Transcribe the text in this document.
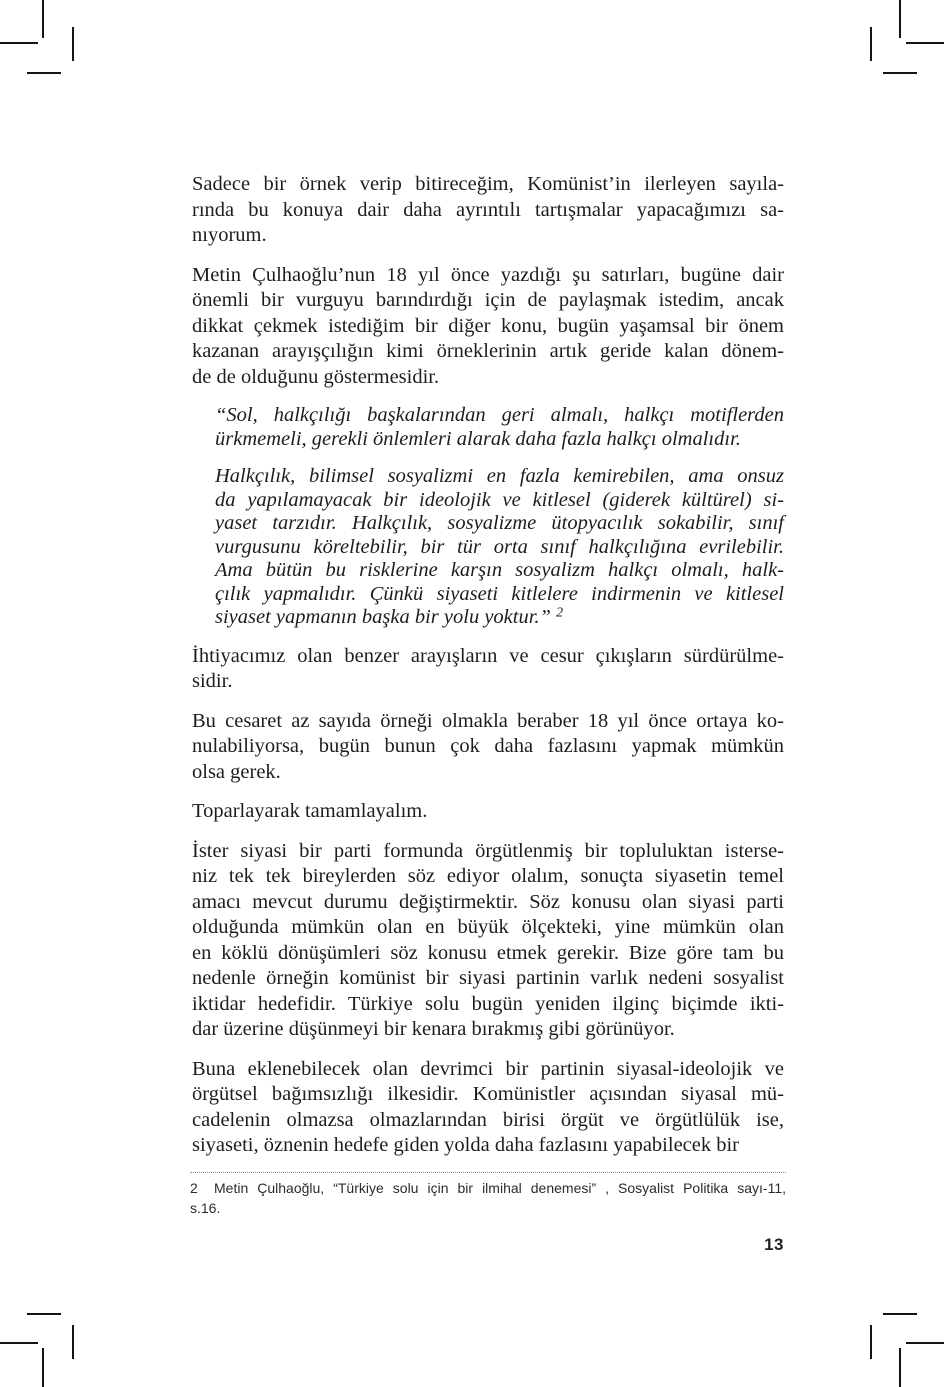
Sadece bir örnek verip bitireceğim, Komünist’in ilerleyen sayıla-
rında bu konuya dair daha ayrıntılı tartışmalar yapacağımızı sa-
nıyorum.
Metin Çulhaoğlu’nun 18 yıl önce yazdığı şu satırları, bugüne dair
önemli bir vurguyu barındırdığı için de paylaşmak istedim, ancak
dikkat çekmek istediğim bir diğer konu, bugün yaşamsal bir önem
kazanan arayışçılığın kimi örneklerinin artık geride kalan dönem-
de de olduğunu göstermesidir.
“Sol, halkçılığı başkalarından geri almalı, halkçı motiflerden
ürkmemeli, gerekli önlemleri alarak daha fazla halkçı olmalıdır.
Halkçılık, bilimsel sosyalizmi en fazla kemirebilen, ama onsuz
da yapılamayacak bir ideolojik ve kitlesel (giderek kültürel) si-
yaset tarzıdır. Halkçılık, sosyalizme ütopyacılık sokabilir, sınıf
vurgusunu köreltebilir, bir tür orta sınıf halkçılığına evrilebilir.
Ama bütün bu risklerine karşın sosyalizm halkçı olmalı, halk-
çılık yapmalıdır. Çünkü siyaseti kitlelere indirmenin ve kitlesel
siyaset yapmanın başka bir yolu yoktur.” $^2$
İhtiyacımız olan benzer arayışların ve cesur çıkışların sürdürülme-
sidir.
Bu cesaret az sayıda örneği olmakla beraber 18 yıl önce ortaya ko-
nulabiliyorsa, bugün bunun çok daha fazlasını yapmak mümkün
olsa gerek.
Toparlayarak tamamlayalım.
İster siyasi bir parti formunda örgütlenmiş bir topluluktan isterse-
niz tek tek bireylerden söz ediyor olalım, sonuçta siyasetin temel
amacı mevcut durumu değiştirmektir. Söz konusu olan siyasi parti
olduğunda mümkün olan en büyük ölçekteki, yine mümkün olan
en köklü dönüşümleri söz konusu etmek gerekir. Bize göre tam bu
nedenle örneğin komünist bir siyasi partinin varlık nedeni sosyalist
iktidar hedefidir. Türkiye solu bugün yeniden ilginç biçimde ikti-
dar üzerine düşünmeyi bir kenara bırakmış gibi görünüyor.
Buna eklenebilecek olan devrimci bir partinin siyasal-ideolojik ve
örgütsel bağımsızlığı ilkesidir. Komünistler açısından siyasal mü-
cadelenin olmazsa olmazlarından birisi örgüt ve örgütlülük ise,
siyaseti, öznenin hedefe giden yolda daha fazlasını yapabilecek bir
2 Metin Çulhaoğlu, “Türkiye solu için bir ilmihal denemesi” , Sosyalist Politika sayı-11,
s.16.
13
